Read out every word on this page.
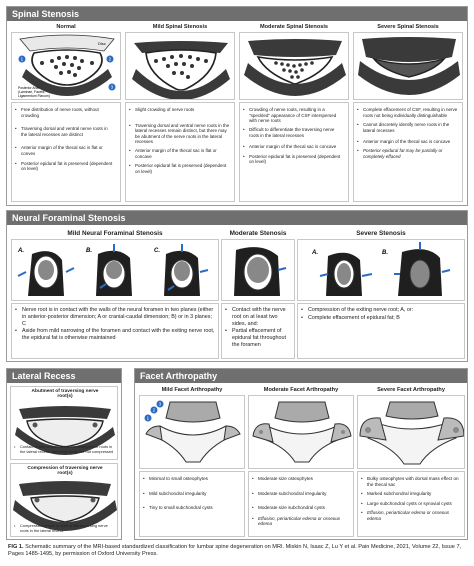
Spinal Stenosis
Normal	Mild Spinal Stenosis	Moderate Spinal Stenosis	Severe Spinal Stenosis
Disc
Posterior Arch (Laminae, Facets, Ligamentum Flavum)
1	2
3
• Free distribution of nerve roots, without crowding
• Traversing dorsal and ventral nerve roots in the lateral recesses are distinct
• Anterior margin of the thecal sac is flat or convex
• Posterior epidural fat is preserved (dependent on level)
• Slight crowding of nerve roots
• Traversing dorsal and ventral nerve roots in the lateral recesses remain distinct, but there may be abutment of the nerve roots in the lateral recesses
• Anterior margin of the thecal sac is flat or concave
• Posterior epidural fat is preserved (dependent on level)
• Crowding of nerve roots, resulting in a "speckled" appearance of CSF interspersed with nerve roots
• Difficult to differentiate the traversing nerve roots in the lateral recesses
• Anterior margin of the thecal sac is concave
• Posterior epidural fat is preserved (dependent on level)
• Complete effacement of CSF, resulting in nerve roots not being individually distinguishable
• Cannot discretely identify nerve roots in the lateral recesses
• Anterior margin of the thecal sac is concave
• Posterior epidural fat may be partially or completely effaced
Neural Foraminal Stenosis
Mild Neural Foraminal Stenosis	Moderate Stenosis	Severe Stenosis
A.	B.	C.	A.	B.
• Nerve root is in contact with the walls of the neural foramen in two planes (either in anterior-posterior dimension; A or cranial-caudal dimension; B) or in 3 planes; C
• Aside from mild narrowing of the foramen and contact with the exiting nerve root, the epidural fat is otherwise maintained
• Contact with the nerve root on at least two sides, and:
• Partial effacement of epidural fat throughout the foramen
• Compression of the exiting nerve root; A, or:
• Complete effacement of epidural fat; B
Lateral Recess
Abutment of traversing nerve root(s)
•	Contact of one or both of the traversing nerve roots in the lateral recess, but nerve roots are not compressed
Compression of traversing nerve root(s)
•	Compression of one or both of the traversing nerve roots in the lateral recess
Facet Arthropathy
Mild Facet Arthropathy	Moderate Facet Arthropathy	Severe Facet Arthropathy
1
2
3
• Minimal to small osteophytes
• Mild subchondral irregularity
• Tiny to small subchondral cysts
• Moderate size osteophytes
• Moderate subchondral irregularity
• Moderate size subchondral cysts
• Effusion, periarticular edema or osseous edema
• Bulky osteophytes with dorsal mass effect on the thecal sac
• Marked subchondral irregularity
• Large subchondral cysts or synovial cysts
• Effusion, periarticular edema or osseous edema
FIG 1. Schematic summary of the MRI-based standardized classification for lumbar spine degeneration on MRI. Miskin N, Isaac Z, Lu Y et al. Pain Medicine, 2021, Volume 22, Issue 7, Pages 1485-1495, by permission of Oxford University Press.
